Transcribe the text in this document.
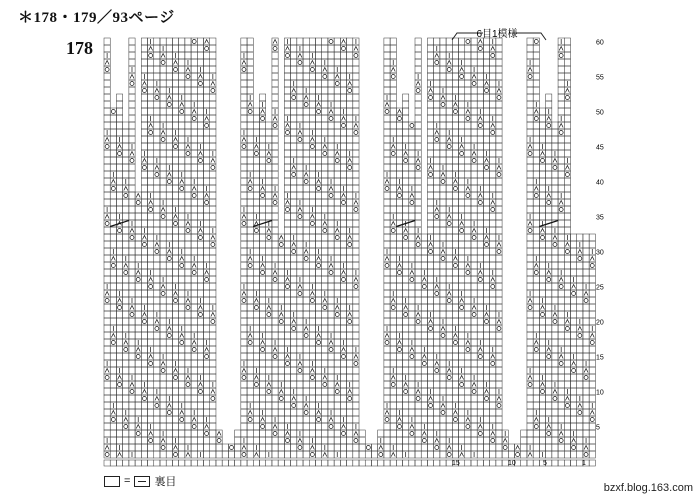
＊178・179／93ページ
178
6目1模様
5
10
15
20
25
30
35
40
45
50
55
60
15	10	5	1
= 裏目	bzxf.blog.163.com
